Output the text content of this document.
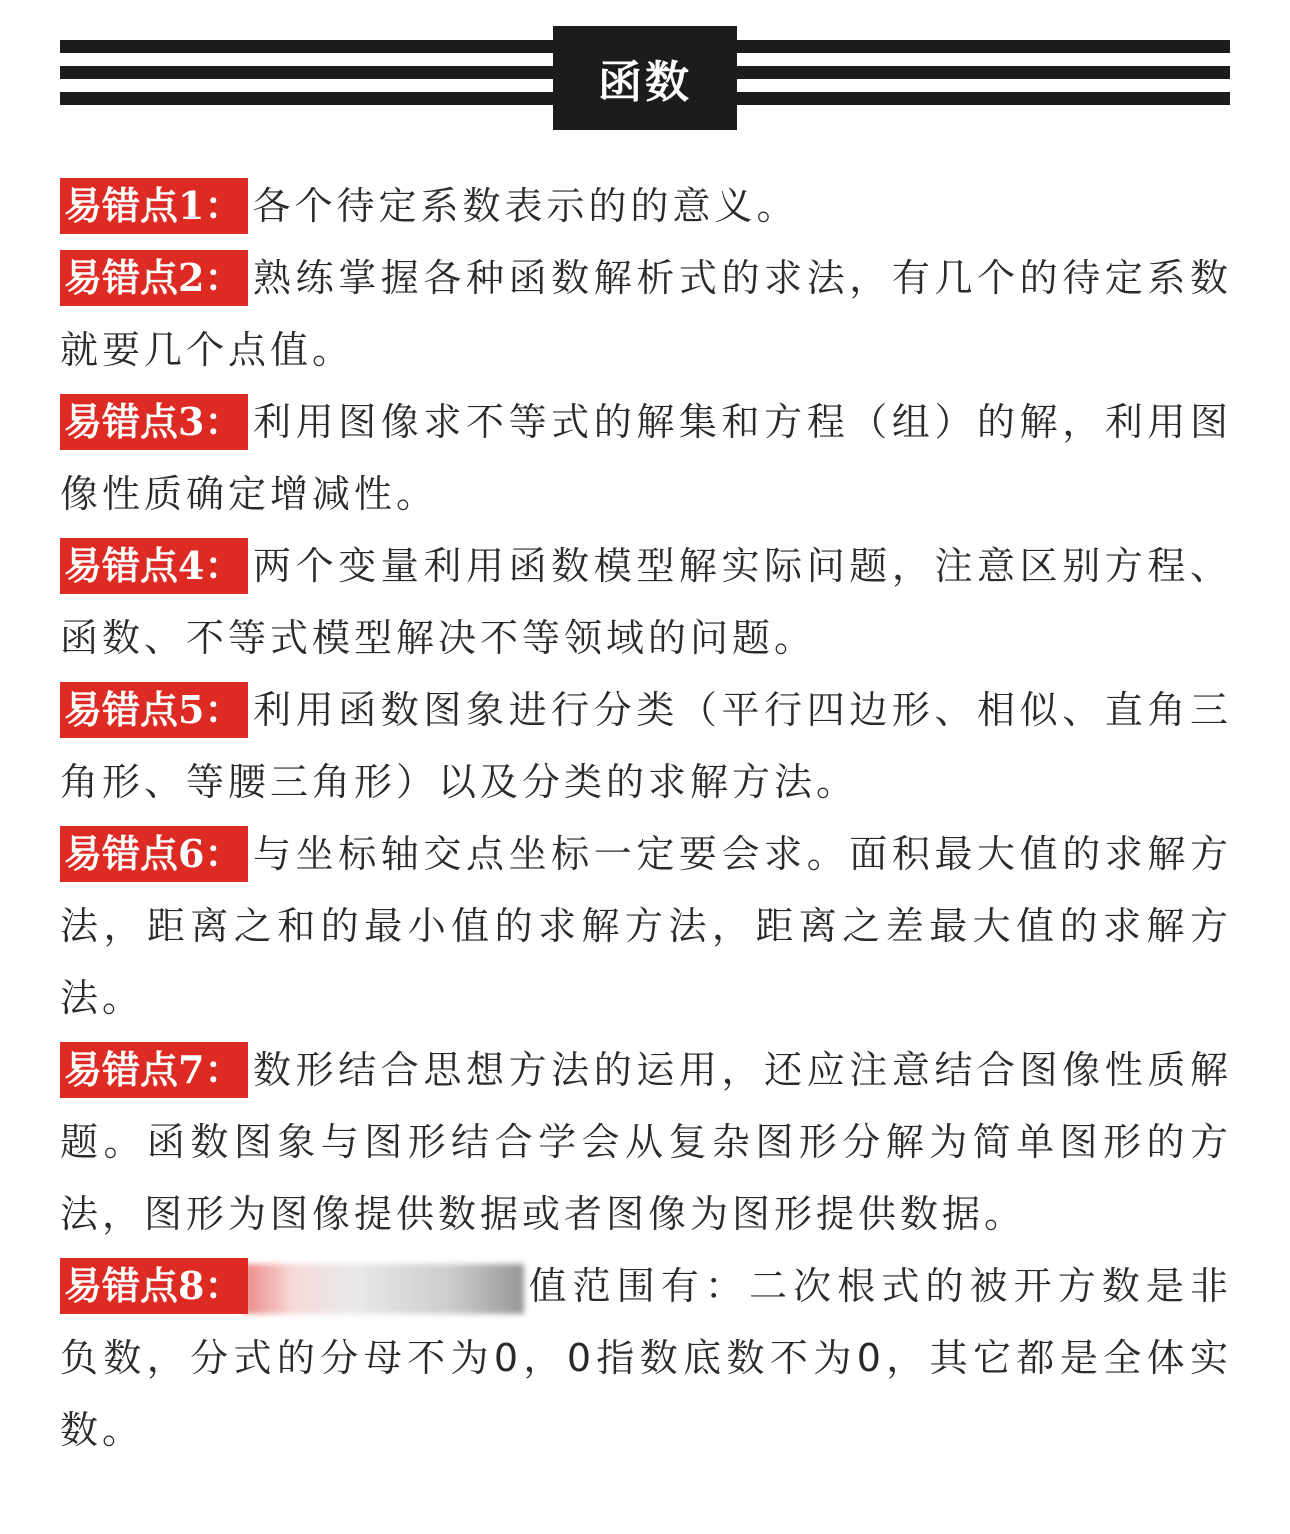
函数
易错点1： 各个待定系数表示的的意义。
易错点2： 熟练掌握各种函数解析式的求法，有几个的待定系数就要几个点值。
易错点3： 利用图像求不等式的解集和方程（组）的解，利用图像性质确定增减性。
易错点4： 两个变量利用函数模型解实际问题，注意区别方程、函数、不等式模型解决不等领域的问题。
易错点5： 利用函数图象进行分类（平行四边形、相似、直角三角形、等腰三角形）以及分类的求解方法。
易错点6： 与坐标轴交点坐标一定要会求。面积最大值的求解方法，距离之和的最小值的求解方法，距离之差最大值的求解方法。
易错点7： 数形结合思想方法的运用，还应注意结合图像性质解题。函数图象与图形结合学会从复杂图形分解为简单图形的方法，图形为图像提供数据或者图像为图形提供数据。
易错点8：	值范围有：二次根式的被开方数是非负数，分式的分母不为0，0指数底数不为0，其它都是全体实数。
